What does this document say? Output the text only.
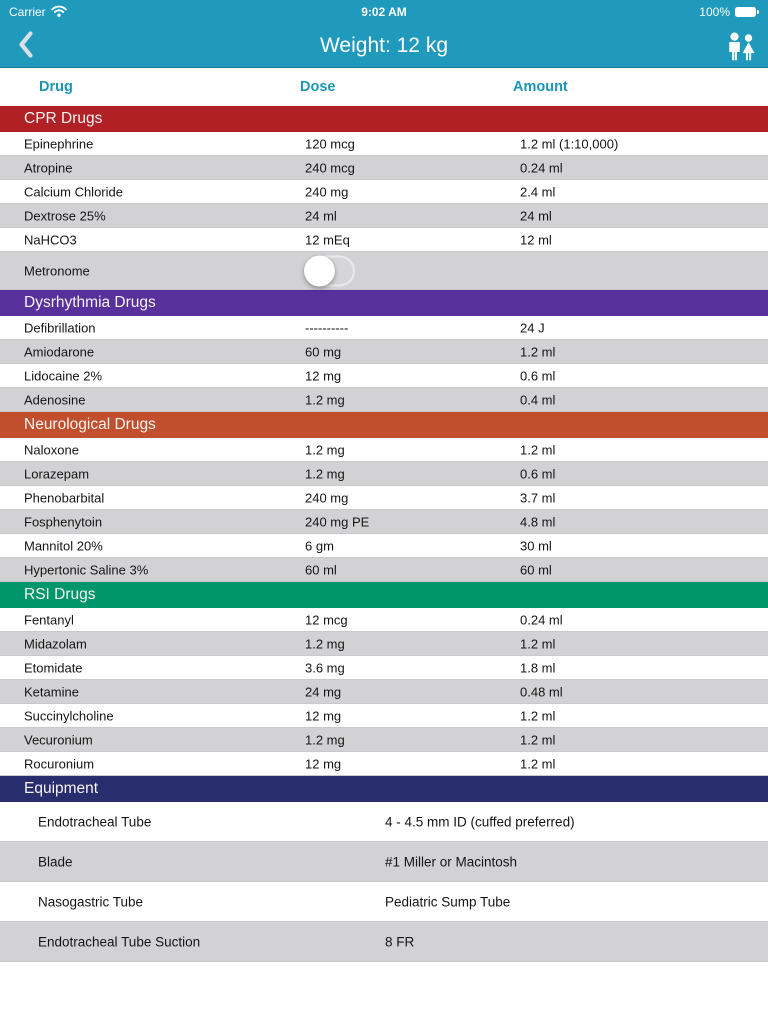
Carrier	9:02 AM	100%
Weight: 12 kg
Drug	Dose	Amount
CPR Drugs
Epinephrine	120 mcg	1.2 ml (1:10,000)
Atropine	240 mcg	0.24 ml
Calcium Chloride	240 mg	2.4 ml
Dextrose 25%	24 ml	24 ml
NaHCO3	12 mEq	12 ml
Metronome
Dysrhythmia Drugs
Defibrillation	----------	24 J
Amiodarone	60 mg	1.2 ml
Lidocaine 2%	12 mg	0.6 ml
Adenosine	1.2 mg	0.4 ml
Neurological Drugs
Naloxone	1.2 mg	1.2 ml
Lorazepam	1.2 mg	0.6 ml
Phenobarbital	240 mg	3.7 ml
Fosphenytoin	240 mg PE	4.8 ml
Mannitol 20%	6 gm	30 ml
Hypertonic Saline 3%	60 ml	60 ml
RSI Drugs
Fentanyl	12 mcg	0.24 ml
Midazolam	1.2 mg	1.2 ml
Etomidate	3.6 mg	1.8 ml
Ketamine	24 mg	0.48 ml
Succinylcholine	12 mg	1.2 ml
Vecuronium	1.2 mg	1.2 ml
Rocuronium	12 mg	1.2 ml
Equipment
Endotracheal Tube	4 - 4.5 mm ID (cuffed preferred)
Blade	#1 Miller or Macintosh
Nasogastric Tube	Pediatric Sump Tube
Endotracheal Tube Suction	8 FR
